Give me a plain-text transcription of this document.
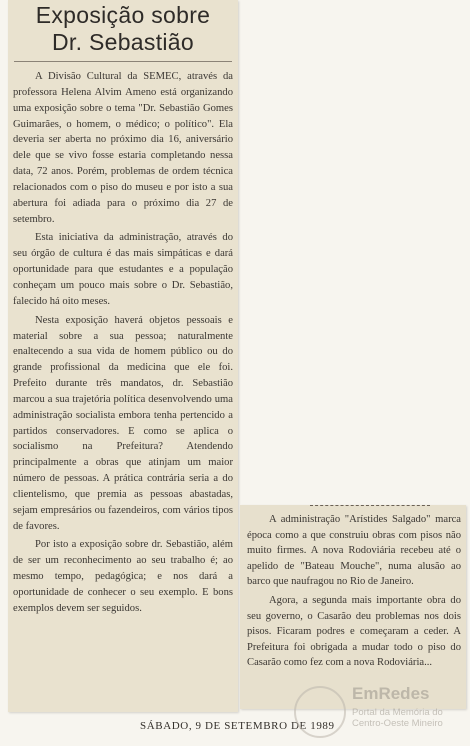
Exposição sobre
Dr. Sebastião

A Divisão Cultural da SEMEC, através da professora Helena Alvim Ameno está organizando uma exposição sobre o tema "Dr. Sebastião Gomes Guimarães, o homem, o médico; o político". Ela deveria ser aberta no próximo dia 16, aniversário dele que se vivo fosse estaria completando nessa data, 72 anos. Porém, problemas de ordem técnica relacionados com o piso do museu e por isto a sua abertura foi adiada para o próximo dia 27 de setembro.

Esta iniciativa da administração, através do seu órgão de cultura é das mais simpáticas e dará oportunidade para que estudantes e a população conheçam um pouco mais sobre o Dr. Sebastião, falecido há oito meses.

Nesta exposição haverá objetos pessoais e material sobre a sua pessoa; naturalmente enaltecendo a sua vida de homem público ou do grande profissional da medicina que ele foi. Prefeito durante três mandatos, dr. Sebastião marcou a sua trajetória política desenvolvendo uma administração socialista embora tenha pertencido a partidos conservadores. E como se aplica o socialismo na Prefeitura? Atendendo principalmente a obras que atinjam um maior número de pessoas. A prática contrária seria a do clientelismo, que premia as pessoas abastadas, sejam empresários ou fazendeiros, com vários tipos de favores.

Por isto a exposição sobre dr. Sebastião, além de ser um reconhecimento ao seu trabalho é; ao mesmo tempo, pedagógica; e nos dará a oportunidade de conhecer o seu exemplo. E bons exemplos devem ser seguidos.

A administração "Arístides Salgado" marca época como a que construiu obras com pisos não muito firmes. A nova Rodoviária recebeu até o apelido de "Bateau Mouche", numa alusão ao barco que naufragou no Rio de Janeiro.

Agora, a segunda mais importante obra do seu governo, o Casarão deu problemas nos dois pisos. Ficaram podres e começaram a ceder. A Prefeitura foi obrigada a mudar todo o piso do Casarão como fez com a nova Rodoviária...

SÁBADO, 9 DE SETEMBRO DE 1989
EmRedes
Portal da Memória do Centro-Oeste Mineiro
